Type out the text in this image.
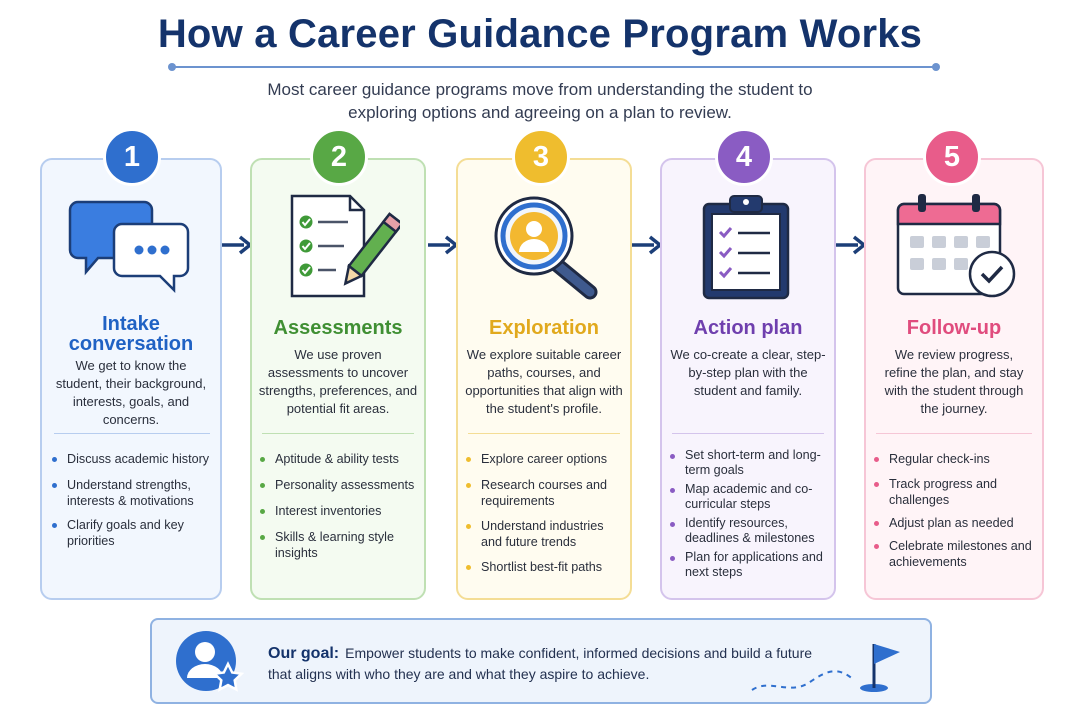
How a Career Guidance Program Works
Most career guidance programs move from understanding the student to exploring options and agreeing on a plan to review.
1
Intake
conversation
We get to know the student, their background, interests, goals, and concerns.
Discuss academic history
Understand strengths, interests & motivations
Clarify goals and key priorities
2
Assessments
We use proven assessments to uncover strengths, preferences, and potential fit areas.
Aptitude & ability tests
Personality assessments
Interest inventories
Skills & learning style insights
3
Exploration
We explore suitable career paths, courses, and opportunities that align with the student's profile.
Explore career options
Research courses and requirements
Understand industries and future trends
Shortlist best-fit paths
4
Action plan
We co-create a clear, step-by-step plan with the student and family.
Set short-term and long-term goals
Map academic and co-curricular steps
Identify resources, deadlines & milestones
Plan for applications and next steps
5
Follow-up
We review progress, refine the plan, and stay with the student through the journey.
Regular check-ins
Track progress and challenges
Adjust plan as needed
Celebrate milestones and achievements
Our goal: Empower students to make confident, informed decisions and build a future that aligns with who they are and what they aspire to achieve.
